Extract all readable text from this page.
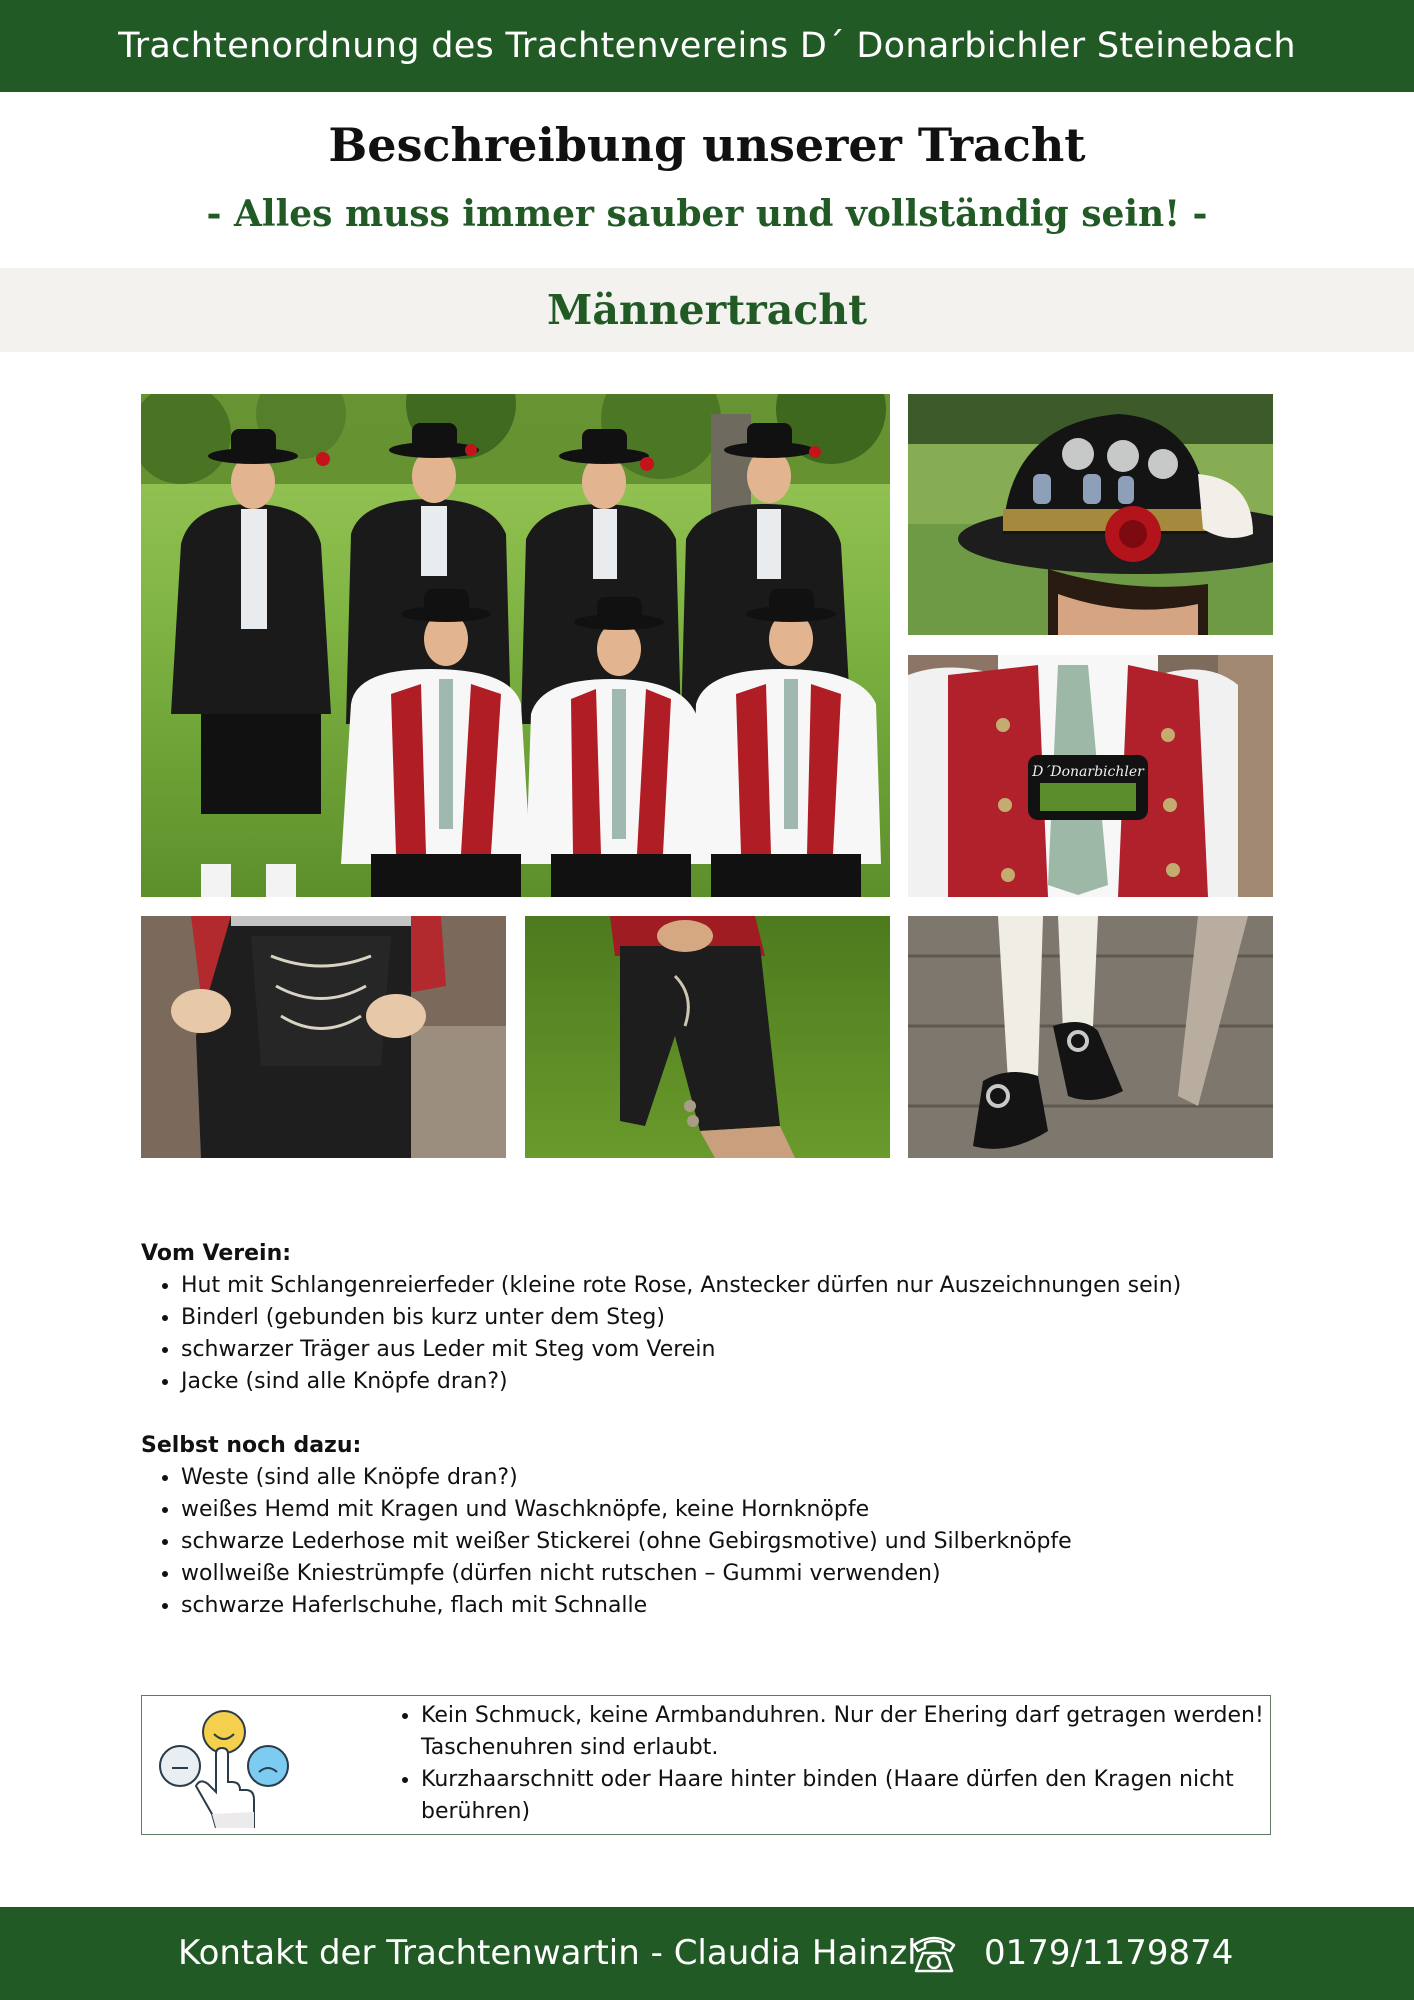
Trachtenordnung des Trachtenvereins D´ Donarbichler Steinebach
Beschreibung unserer Tracht
- Alles muss immer sauber und vollständig sein! -
Männertracht
D´Donarbichler
Vom Verein:
• Hut mit Schlangenreierfeder (kleine rote Rose, Anstecker dürfen nur Auszeichnungen sein)
• Binderl (gebunden bis kurz unter dem Steg)
• schwarzer Träger aus Leder mit Steg vom Verein
• Jacke (sind alle Knöpfe dran?)
Selbst noch dazu:
• Weste (sind alle Knöpfe dran?)
• weißes Hemd mit Kragen und Waschknöpfe, keine Hornknöpfe
• schwarze Lederhose mit weißer Stickerei (ohne Gebirgsmotive) und Silberknöpfe
• wollweiße Kniestrümpfe (dürfen nicht rutschen – Gummi verwenden)
• schwarze Haferlschuhe, flach mit Schnalle
• Kein Schmuck, keine Armbanduhren. Nur der Ehering darf getragen werden! Taschenuhren sind erlaubt.
• Kurzhaarschnitt oder Haare hinter binden (Haare dürfen den Kragen nicht berühren)
Kontakt der Trachtenwartin - Claudia Hainzl 0179/1179874
